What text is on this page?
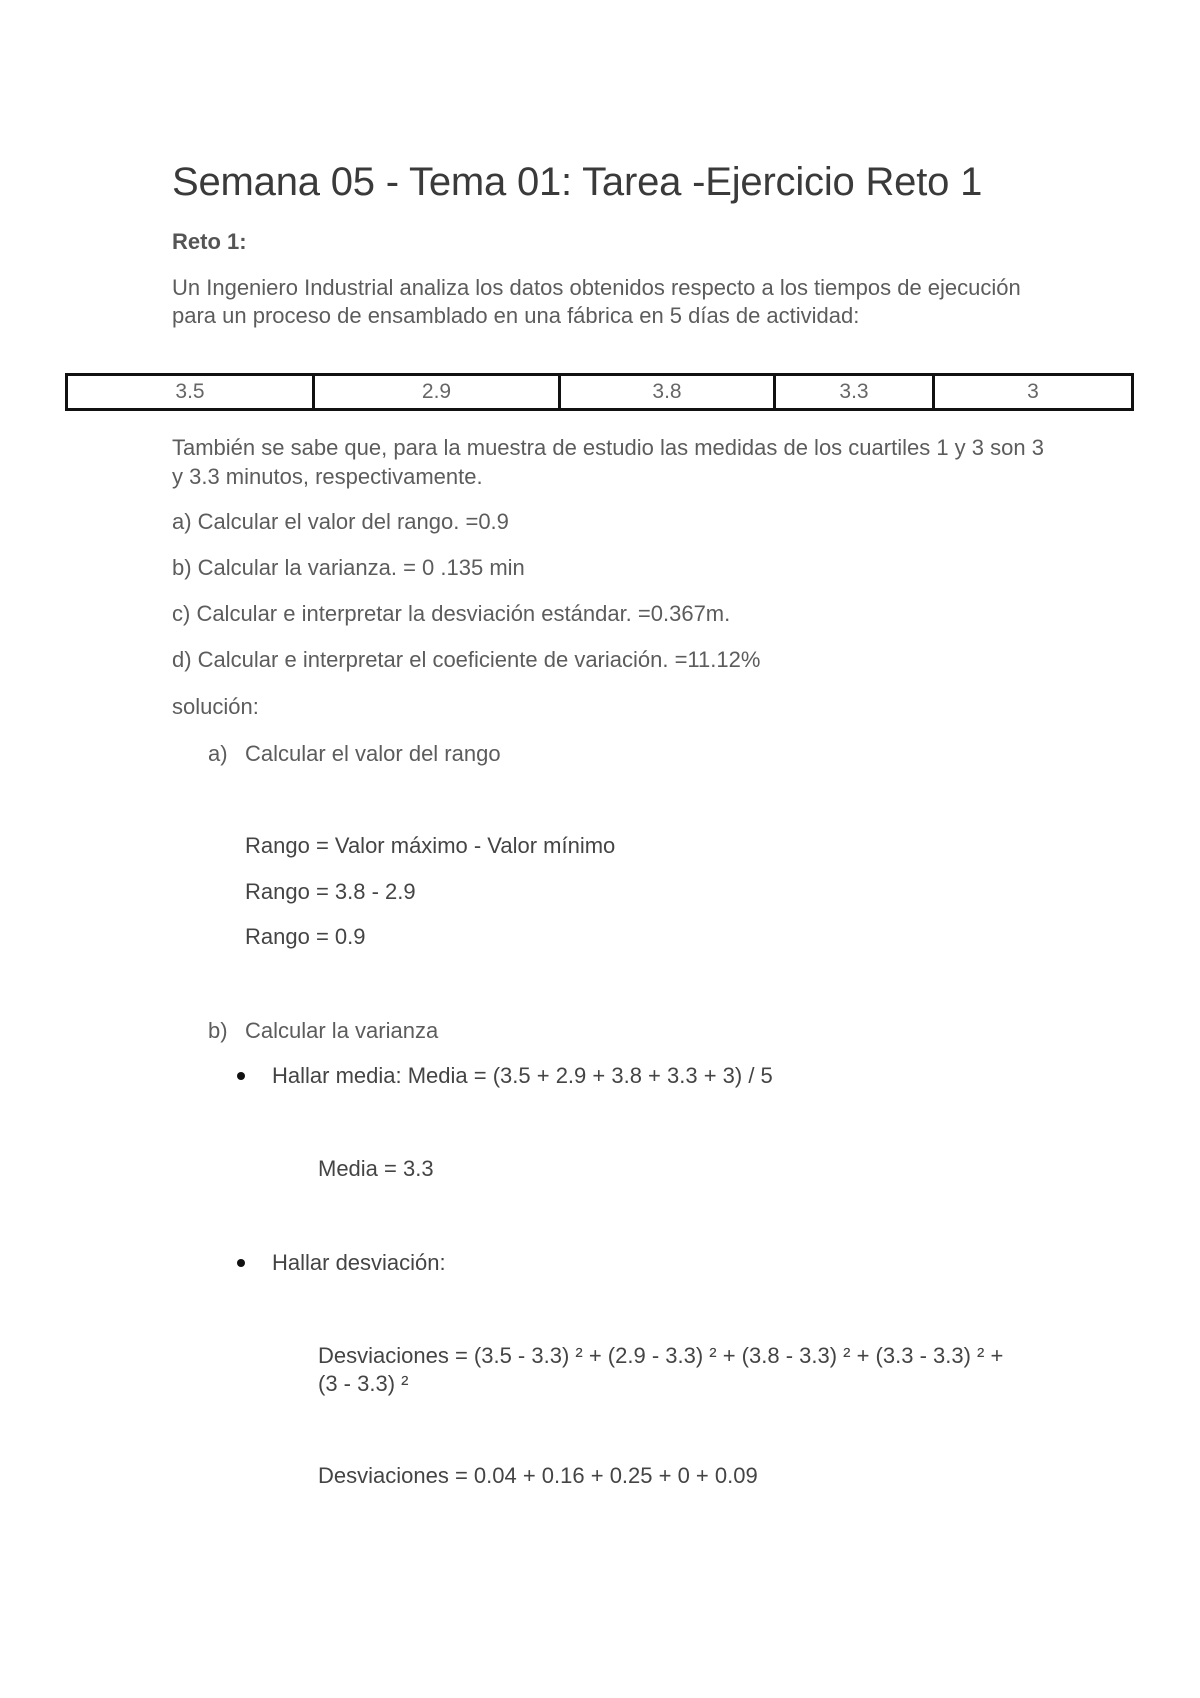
Semana 05 - Tema 01: Tarea -Ejercicio Reto 1

Reto 1:

Un Ingeniero Industrial analiza los datos obtenidos respecto a los tiempos de ejecución para un proceso de ensamblado en una fábrica en 5 días de actividad:

3.5	2.9	3.8	3.3	3

También se sabe que, para la muestra de estudio las medidas de los cuartiles 1 y 3 son 3 y 3.3 minutos, respectivamente.

a) Calcular el valor del rango. =0.9

b) Calcular la varianza. = 0 .135 min

c) Calcular e interpretar la desviación estándar. =0.367m.

d) Calcular e interpretar el coeficiente de variación. =11.12%

solución:

a) Calcular el valor del rango

Rango = Valor máximo - Valor mínimo

Rango = 3.8 - 2.9

Rango = 0.9

b) Calcular la varianza

Hallar media: Media = (3.5 + 2.9 + 3.8 + 3.3 + 3) / 5

Media = 3.3

Hallar desviación:

Desviaciones = (3.5 - 3.3) ² + (2.9 - 3.3) ² + (3.8 - 3.3) ² + (3.3 - 3.3) ² + (3 - 3.3) ²

Desviaciones = 0.04 + 0.16 + 0.25 + 0 + 0.09
